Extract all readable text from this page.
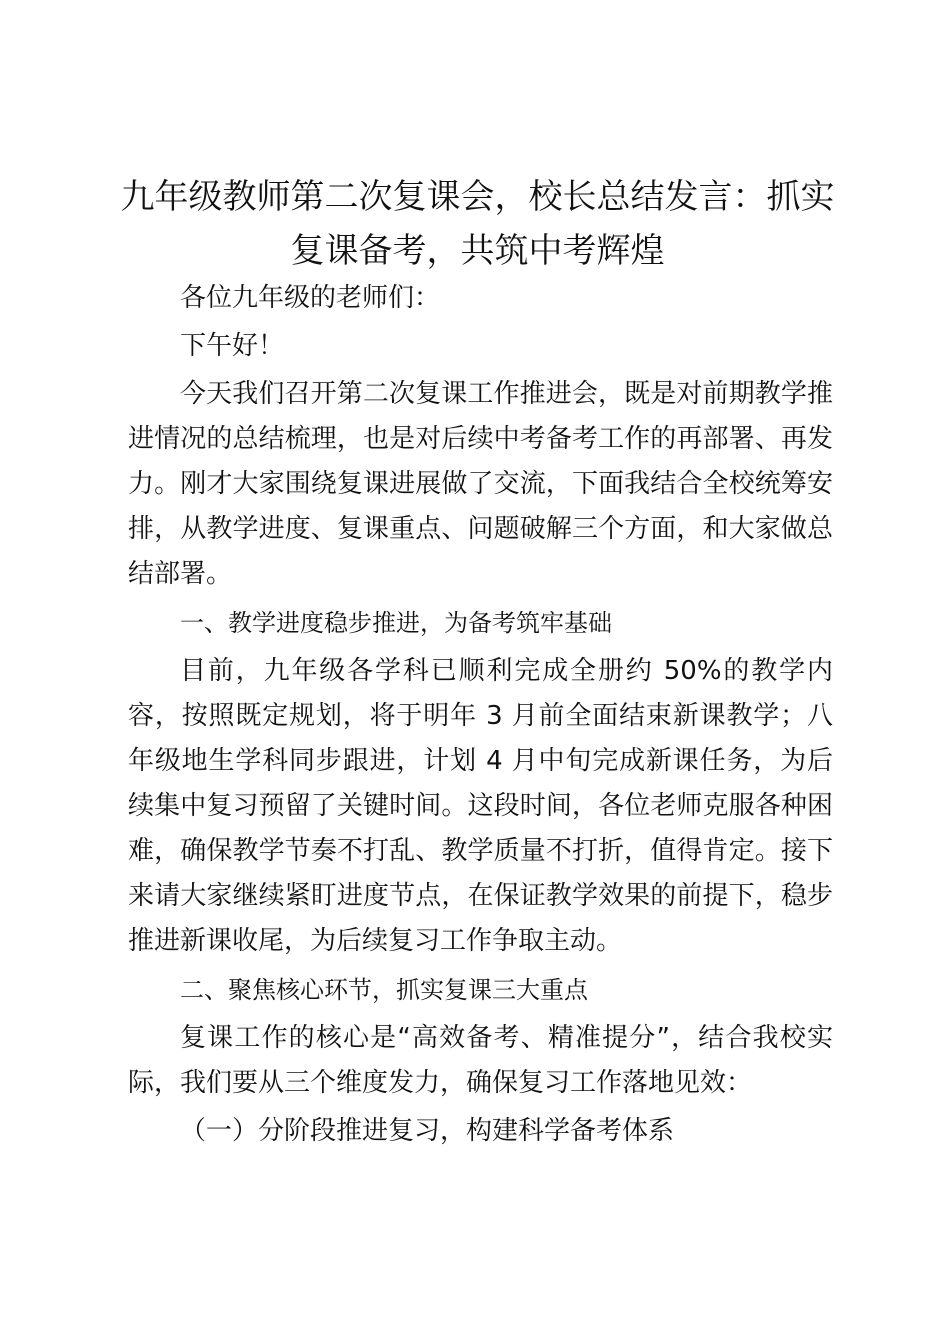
九年级教师第二次复课会，校长总结发言：抓实复课备考，共筑中考辉煌

各位九年级的老师们：

下午好！

今天我们召开第二次复课工作推进会，既是对前期教学推进情况的总结梳理，也是对后续中考备考工作的再部署、再发力。刚才大家围绕复课进展做了交流，下面我结合全校统筹安排，从教学进度、复课重点、问题破解三个方面，和大家做总结部署。

一、教学进度稳步推进，为备考筑牢基础

目前，九年级各学科已顺利完成全册约 50%的教学内容，按照既定规划，将于明年 3 月前全面结束新课教学；八年级地生学科同步跟进，计划 4 月中旬完成新课任务，为后续集中复习预留了关键时间。这段时间，各位老师克服各种困难，确保教学节奏不打乱、教学质量不打折，值得肯定。接下来请大家继续紧盯进度节点，在保证教学效果的前提下，稳步推进新课收尾，为后续复习工作争取主动。

二、聚焦核心环节，抓实复课三大重点

复课工作的核心是“高效备考、精准提分”，结合我校实际，我们要从三个维度发力，确保复习工作落地见效：

（一）分阶段推进复习，构建科学备考体系
